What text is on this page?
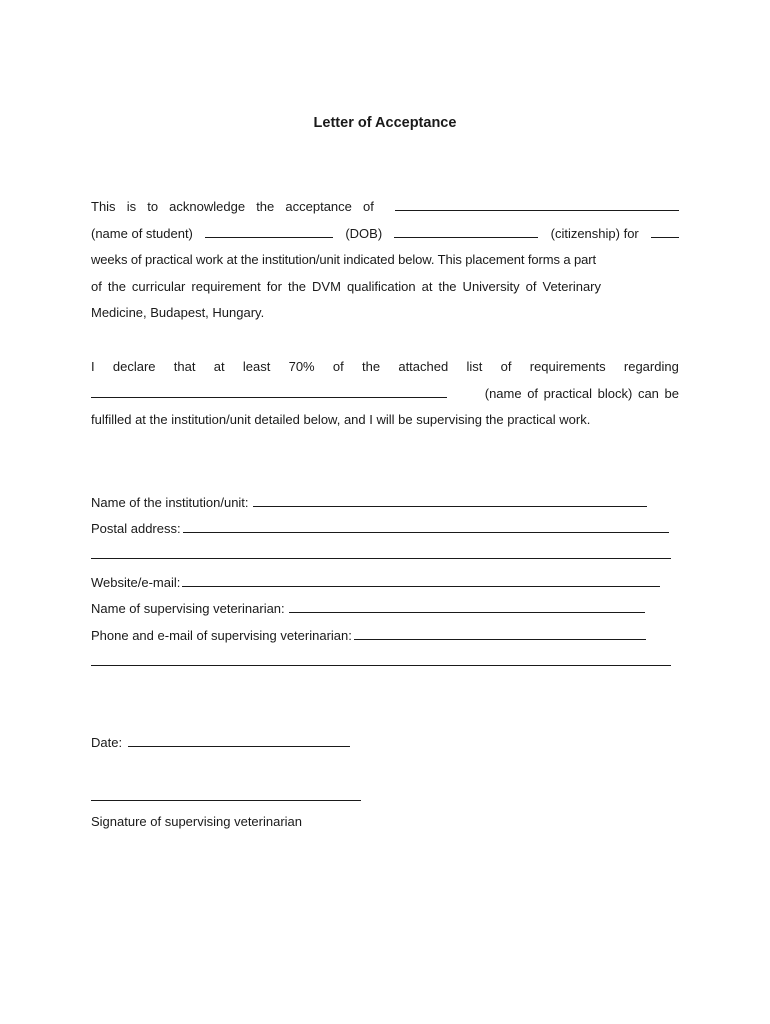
Letter of Acceptance
This is to acknowledge the acceptance of
(name of student)	(DOB)	(citizenship) for
weeks of practical work at the institution/unit indicated below. This placement forms a part
of the curricular requirement for the DVM qualification at the University of Veterinary
Medicine, Budapest, Hungary.
I declare that at least 70% of the attached list of requirements regarding
(name of practical block) can be
fulfilled at the institution/unit detailed below, and I will be supervising the practical work.
Name of the institution/unit:
Postal address:
Website/e-mail:
Name of supervising veterinarian:
Phone and e-mail of supervising veterinarian:
Date:
Signature of supervising veterinarian
